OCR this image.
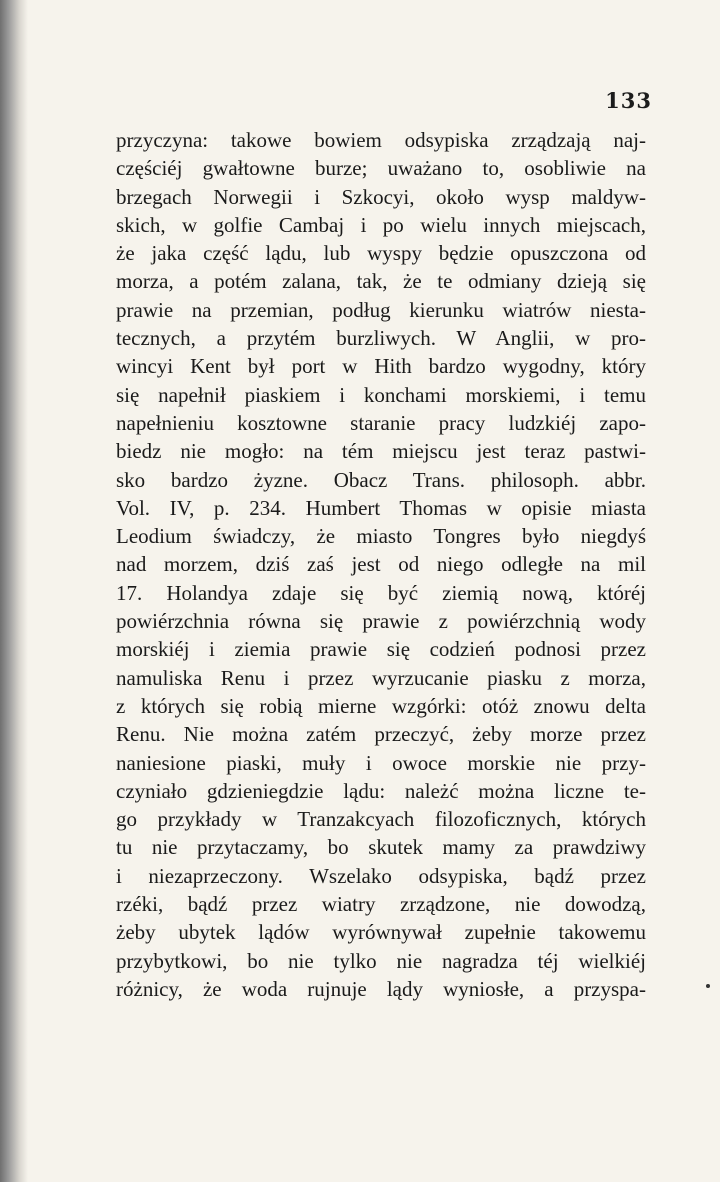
133
przyczyna: takowe bowiem odsypiska zrządzają naj-
częściéj gwałtowne burze; uważano to, osobliwie na
brzegach Norwegii i Szkocyi, około wysp maldyw-
skich, w golfie Cambaj i po wielu innych miejscach,
że jaka część lądu, lub wyspy będzie opuszczona od
morza, a potém zalana, tak, że te odmiany dzieją się
prawie na przemian, podług kierunku wiatrów niesta-
tecznych, a przytém burzliwych. W Anglii, w pro-
wincyi Kent był port w Hith bardzo wygodny, który
się napełnił piaskiem i konchami morskiemi, i temu
napełnieniu kosztowne staranie pracy ludzkiéj zapo-
biedz nie mogło: na tém miejscu jest teraz pastwi-
sko bardzo żyzne. Obacz Trans. philosoph. abbr.
Vol. IV, p. 234. Humbert Thomas w opisie miasta
Leodium świadczy, że miasto Tongres było niegdyś
nad morzem, dziś zaś jest od niego odległe na mil
17. Holandya zdaje się być ziemią nową, któréj
powiérzchnia równa się prawie z powiérzchnią wody
morskiéj i ziemia prawie się codzień podnosi przez
namuliska Renu i przez wyrzucanie piasku z morza,
z których się robią mierne wzgórki: otóż znowu delta
Renu. Nie można zatém przeczyć, żeby morze przez
naniesione piaski, muły i owoce morskie nie przy-
czyniało gdzieniegdzie lądu: należć można liczne te-
go przykłady w Tranzakcyach filozoficznych, których
tu nie przytaczamy, bo skutek mamy za prawdziwy
i niezaprzeczony. Wszelako odsypiska, bądź przez
rzéki, bądź przez wiatry zrządzone, nie dowodzą,
żeby ubytek lądów wyrównywał zupełnie takowemu
przybytkowi, bo nie tylko nie nagradza téj wielkiéj
różnicy, że woda rujnuje lądy wyniosłe, a przyspa-
